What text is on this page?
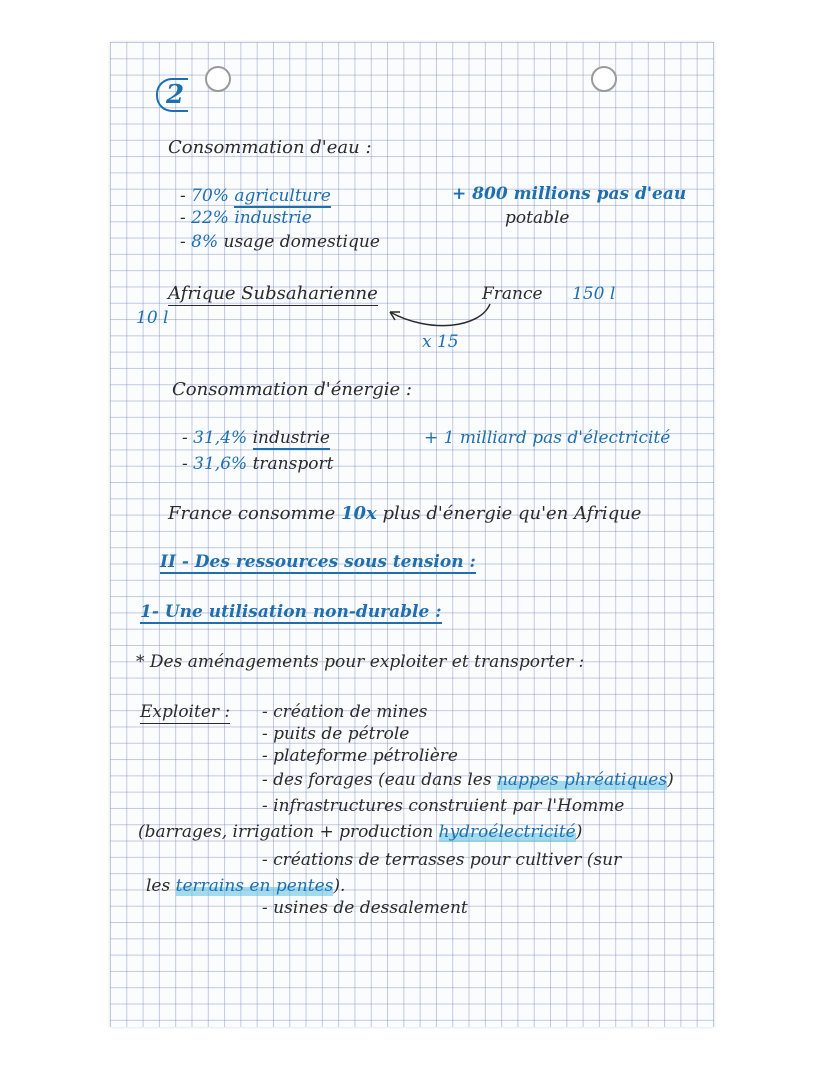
2
Consommation d'eau :
- 70% agriculture
- 22% industrie
- 8% usage domestique
+ 800 millions pas d'eau
potable
Afrique Subsaharienne
10 l
France 150 l
x 15
Consommation d'énergie :
- 31,4% industrie
- 31,6% transport
+ 1 milliard pas d'électricité
France consomme 10x plus d'énergie qu'en Afrique
II - Des ressources sous tension :
1- Une utilisation non-durable :
* Des aménagements pour exploiter et transporter :
Exploiter : - création de mines
- puits de pétrole
- plateforme pétrolière
- des forages (eau dans les nappes phréatiques)
- infrastructures construient par l'Homme
(barrages, irrigation + production hydroélectricité)
- créations de terrasses pour cultiver (sur
les terrains en pentes).
- usines de dessalement
